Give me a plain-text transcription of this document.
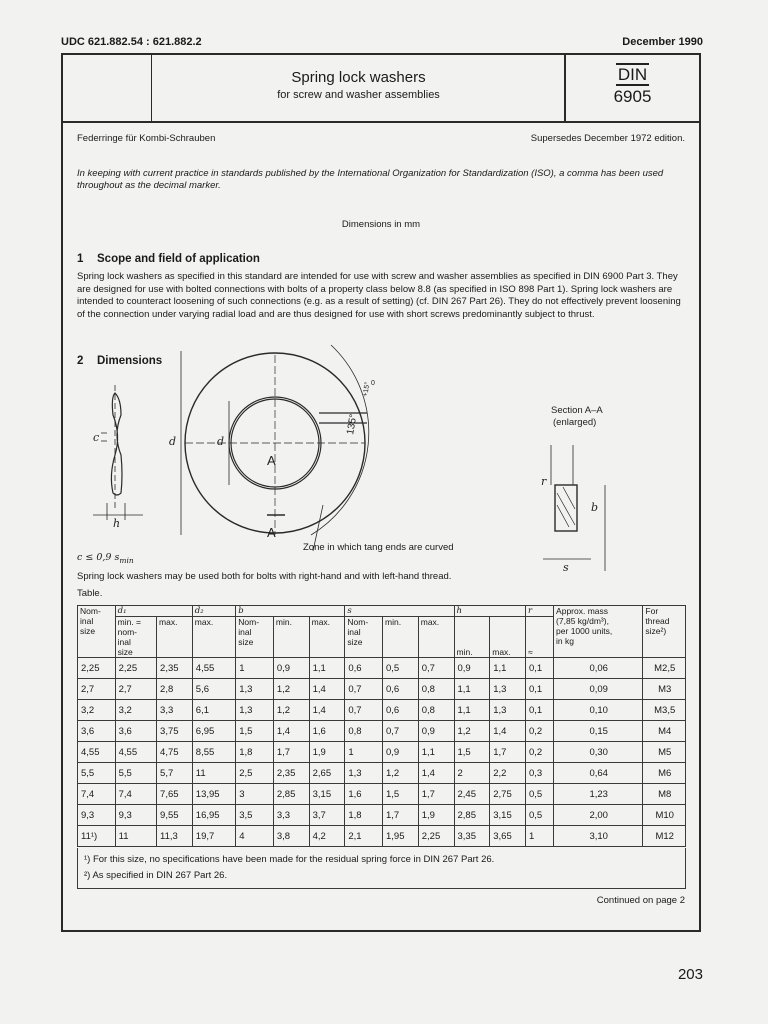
UDC 621.882.54 : 621.882.2	December 1990
Spring lock washers
for screw and washer assemblies
DIN
6905
Federringe für Kombi-Schrauben	Supersedes December 1972 edition.
In keeping with current practice in standards published by the International Organization for Standardization (ISO), a comma has been used throughout as the decimal marker.
Dimensions in mm
1 Scope and field of application
Spring lock washers as specified in this standard are intended for use with screw and washer assemblies as specified in DIN 6900 Part 3. They are designed for use with bolted connections with bolts of a property class below 8.8 (as specified in ISO 898 Part 1). Spring lock washers are intended to counteract loosening of such connections (e.g. as a result of setting) (cf. DIN 267 Part 26). They do not effectively prevent loosening of the connection under varying radial load and are thus designed for use with short screws predominantly subject to thrust.
2 Dimensions
c
h
d	d
b
s
r
A
A
135°
+15° 0
Section A–A
(enlarged)
Zone in which tang ends are curved
c ≤ 0,9 $s_{min}$
Spring lock washers may be used both for bolts with right-hand and with left-hand thread.
Table.
Nom-
inal
size	d₁		d₂	b			s			h		r	Approx. mass
(7,85 kg/dm³),
per 1000 units,
in kg	For
thread
size²)
	min. =
nom-
inal
size	max.	max.	Nom-
inal
size	min.	max.	Nom-
inal
size	min.	max.	min.	max.	≈		
2,25	2,25	2,35	4,55	1	0,9	1,1	0,6	0,5	0,7	0,9	1,1	0,1	0,06	M2,5
2,7	2,7	2,8	5,6	1,3	1,2	1,4	0,7	0,6	0,8	1,1	1,3	0,1	0,09	M3
3,2	3,2	3,3	6,1	1,3	1,2	1,4	0,7	0,6	0,8	1,1	1,3	0,1	0,10	M3,5
3,6	3,6	3,75	6,95	1,5	1,4	1,6	0,8	0,7	0,9	1,2	1,4	0,2	0,15	M4
4,55	4,55	4,75	8,55	1,8	1,7	1,9	1	0,9	1,1	1,5	1,7	0,2	0,30	M5
5,5	5,5	5,7	11	2,5	2,35	2,65	1,3	1,2	1,4	2	2,2	0,3	0,64	M6
7,4	7,4	7,65	13,95	3	2,85	3,15	1,6	1,5	1,7	2,45	2,75	0,5	1,23	M8
9,3	9,3	9,55	16,95	3,5	3,3	3,7	1,8	1,7	1,9	2,85	3,15	0,5	2,00	M10
11¹)	11	11,3	19,7	4	3,8	4,2	2,1	1,95	2,25	3,35	3,65	1	3,10	M12
¹) For this size, no specifications have been made for the residual spring force in DIN 267 Part 26.
²) As specified in DIN 267 Part 26.
Continued on page 2
203
